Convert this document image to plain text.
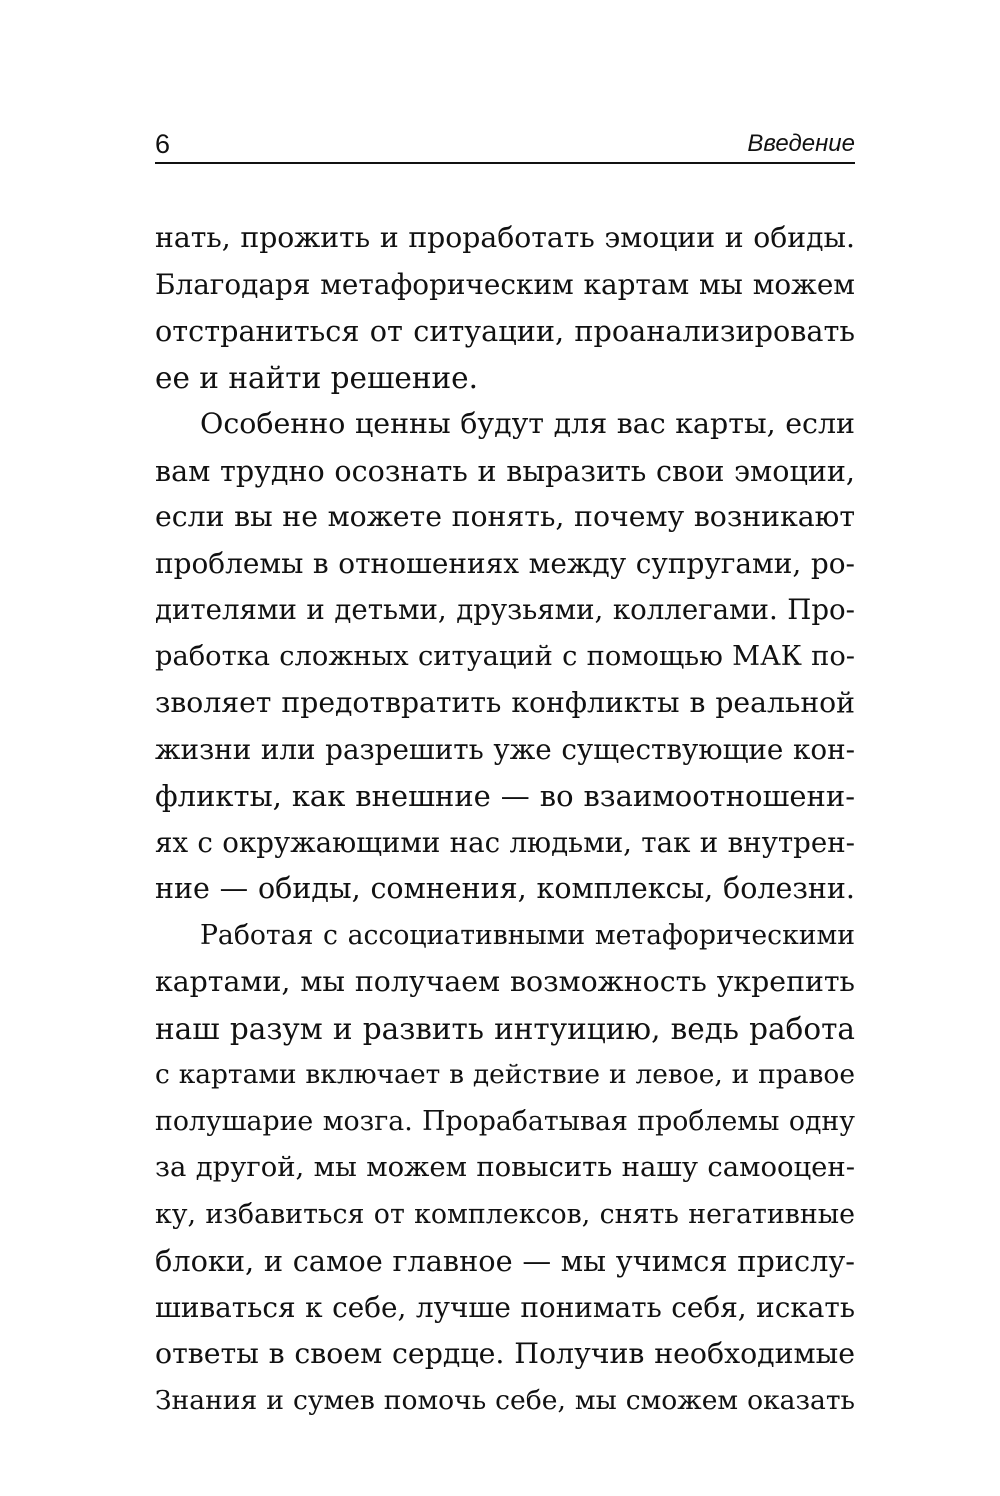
6	Введение
нать, прожить и проработать эмоции и обиды.
Благодаря метафорическим картам мы можем
отстраниться от ситуации, проанализировать
ее и найти решение.
Особенно ценны будут для вас карты, если
вам трудно осознать и выразить свои эмоции,
если вы не можете понять, почему возникают
проблемы в отношениях между супругами, ро-
дителями и детьми, друзьями, коллегами. Про-
работка сложных ситуаций с помощью МАК по-
зволяет предотвратить конфликты в реальной
жизни или разрешить уже существующие кон-
фликты, как внешние — во взаимоотношени-
ях с окружающими нас людьми, так и внутрен-
ние — обиды, сомнения, комплексы, болезни.
Работая с ассоциативными метафорическими
картами, мы получаем возможность укрепить
наш разум и развить интуицию, ведь работа
с картами включает в действие и левое, и правое
полушарие мозга. Прорабатывая проблемы одну
за другой, мы можем повысить нашу самооцен-
ку, избавиться от комплексов, снять негативные
блоки, и самое главное — мы учимся прислу-
шиваться к себе, лучше понимать себя, искать
ответы в своем сердце. Получив необходимые
Знания и сумев помочь себе, мы сможем оказать
